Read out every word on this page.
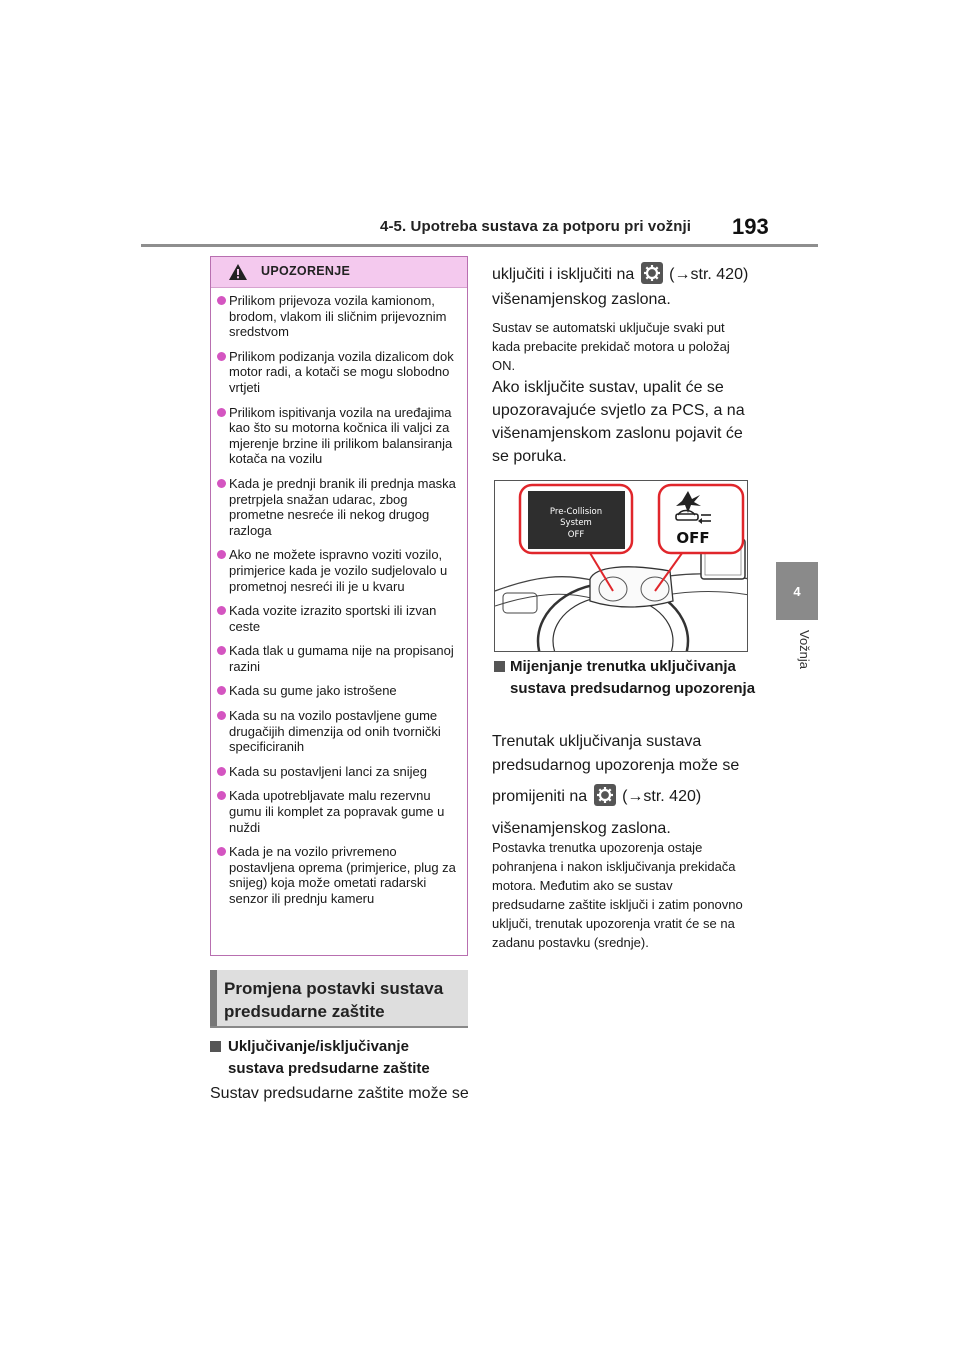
4-5. Upotreba sustava za potporu pri vožnji 193
4
Vožnja
UPOZORENJE
Prilikom prijevoza vozila kamionom, brodom, vlakom ili sličnim prijevoznim sredstvom
Prilikom podizanja vozila dizalicom dok motor radi, a kotači se mogu slobodno vrtjeti
Prilikom ispitivanja vozila na uređajima kao što su motorna kočnica ili valjci za mjerenje brzine ili prilikom balansiranja kotača na vozilu
Kada je prednji branik ili prednja maska pretrpjela snažan udarac, zbog prometne nesreće ili nekog drugog razloga
Ako ne možete ispravno voziti vozilo, primjerice kada je vozilo sudjelovalo u prometnoj nesreći ili je u kvaru
Kada vozite izrazito sportski ili izvan ceste
Kada tlak u gumama nije na propisanoj razini
Kada su gume jako istrošene
Kada su na vozilo postavljene gume drugačijih dimenzija od onih tvornički specificiranih
Kada su postavljeni lanci za snijeg
Kada upotrebljavate malu rezervnu gumu ili komplet za popravak gume u nuždi
Kada je na vozilo privremeno postavljena oprema (primjerice, plug za snijeg) koja može ometati radarski senzor ili prednju kameru
Promjena postavki sustava predsudarne zaštite
Uključivanje/isključivanje sustava predsudarne zaštite
Sustav predsudarne zaštite može se
uključiti i isključiti na (→str. 420)
višenamjenskog zaslona.
Sustav se automatski uključuje svaki put kada prebacite prekidač motora u položaj ON.
Ako isključite sustav, upalit će se upozoravajuće svjetlo za PCS, a na višenamjenskom zaslonu pojavit će se poruka.
Pre-Collision
System
OFF	OFF
Mijenjanje trenutka uključivanja sustava predsudarnog upozorenja
Trenutak uključivanja sustava predsudarnog upozorenja može se
promijeniti na (→str. 420)
višenamjenskog zaslona.
Postavka trenutka upozorenja ostaje pohranjena i nakon isključivanja prekidača motora. Međutim ako se sustav predsudarne zaštite isključi i zatim ponovno uključi, trenutak upozorenja vratit će se na zadanu postavku (srednje).
